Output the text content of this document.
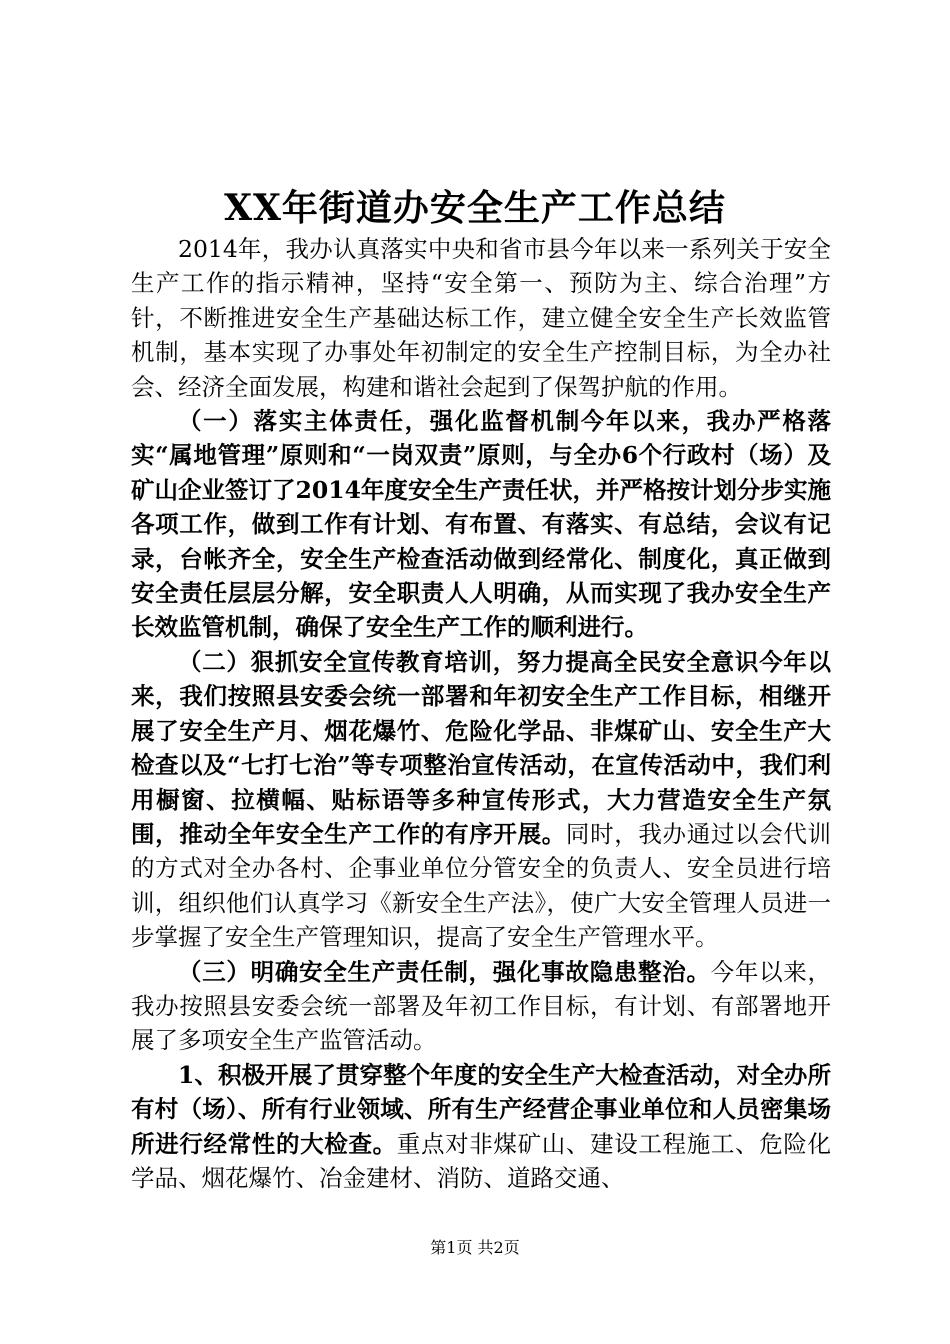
XX年街道办安全生产工作总结

2014年，我办认真落实中央和省市县今年以来一系列关于安全生产工作的指示精神，坚持“安全第一、预防为主、综合治理”方针，不断推进安全生产基础达标工作，建立健全安全生产长效监管机制，基本实现了办事处年初制定的安全生产控制目标，为全办社会、经济全面发展，构建和谐社会起到了保驾护航的作用。

（一）落实主体责任，强化监督机制今年以来，我办严格落实“属地管理”原则和“一岗双责”原则，与全办6个行政村（场）及矿山企业签订了2014年度安全生产责任状，并严格按计划分步实施各项工作，做到工作有计划、有布置、有落实、有总结，会议有记录，台帐齐全，安全生产检查活动做到经常化、制度化，真正做到安全责任层层分解，安全职责人人明确，从而实现了我办安全生产长效监管机制，确保了安全生产工作的顺利进行。

（二）狠抓安全宣传教育培训，努力提高全民安全意识今年以来，我们按照县安委会统一部署和年初安全生产工作目标，相继开展了安全生产月、烟花爆竹、危险化学品、非煤矿山、安全生产大检查以及“七打七治”等专项整治宣传活动，在宣传活动中，我们利用橱窗、拉横幅、贴标语等多种宣传形式，大力营造安全生产氛围，推动全年安全生产工作的有序开展。同时，我办通过以会代训的方式对全办各村、企事业单位分管安全的负责人、安全员进行培训，组织他们认真学习《新安全生产法》，使广大安全管理人员进一步掌握了安全生产管理知识，提高了安全生产管理水平。

（三）明确安全生产责任制，强化事故隐患整治。今年以来，我办按照县安委会统一部署及年初工作目标，有计划、有部署地开展了多项安全生产监管活动。

1、积极开展了贯穿整个年度的安全生产大检查活动，对全办所有村（场）、所有行业领域、所有生产经营企事业单位和人员密集场所进行经常性的大检查。重点对非煤矿山、建设工程施工、危险化学品、烟花爆竹、冶金建材、消防、道路交通、

第1页 共2页
